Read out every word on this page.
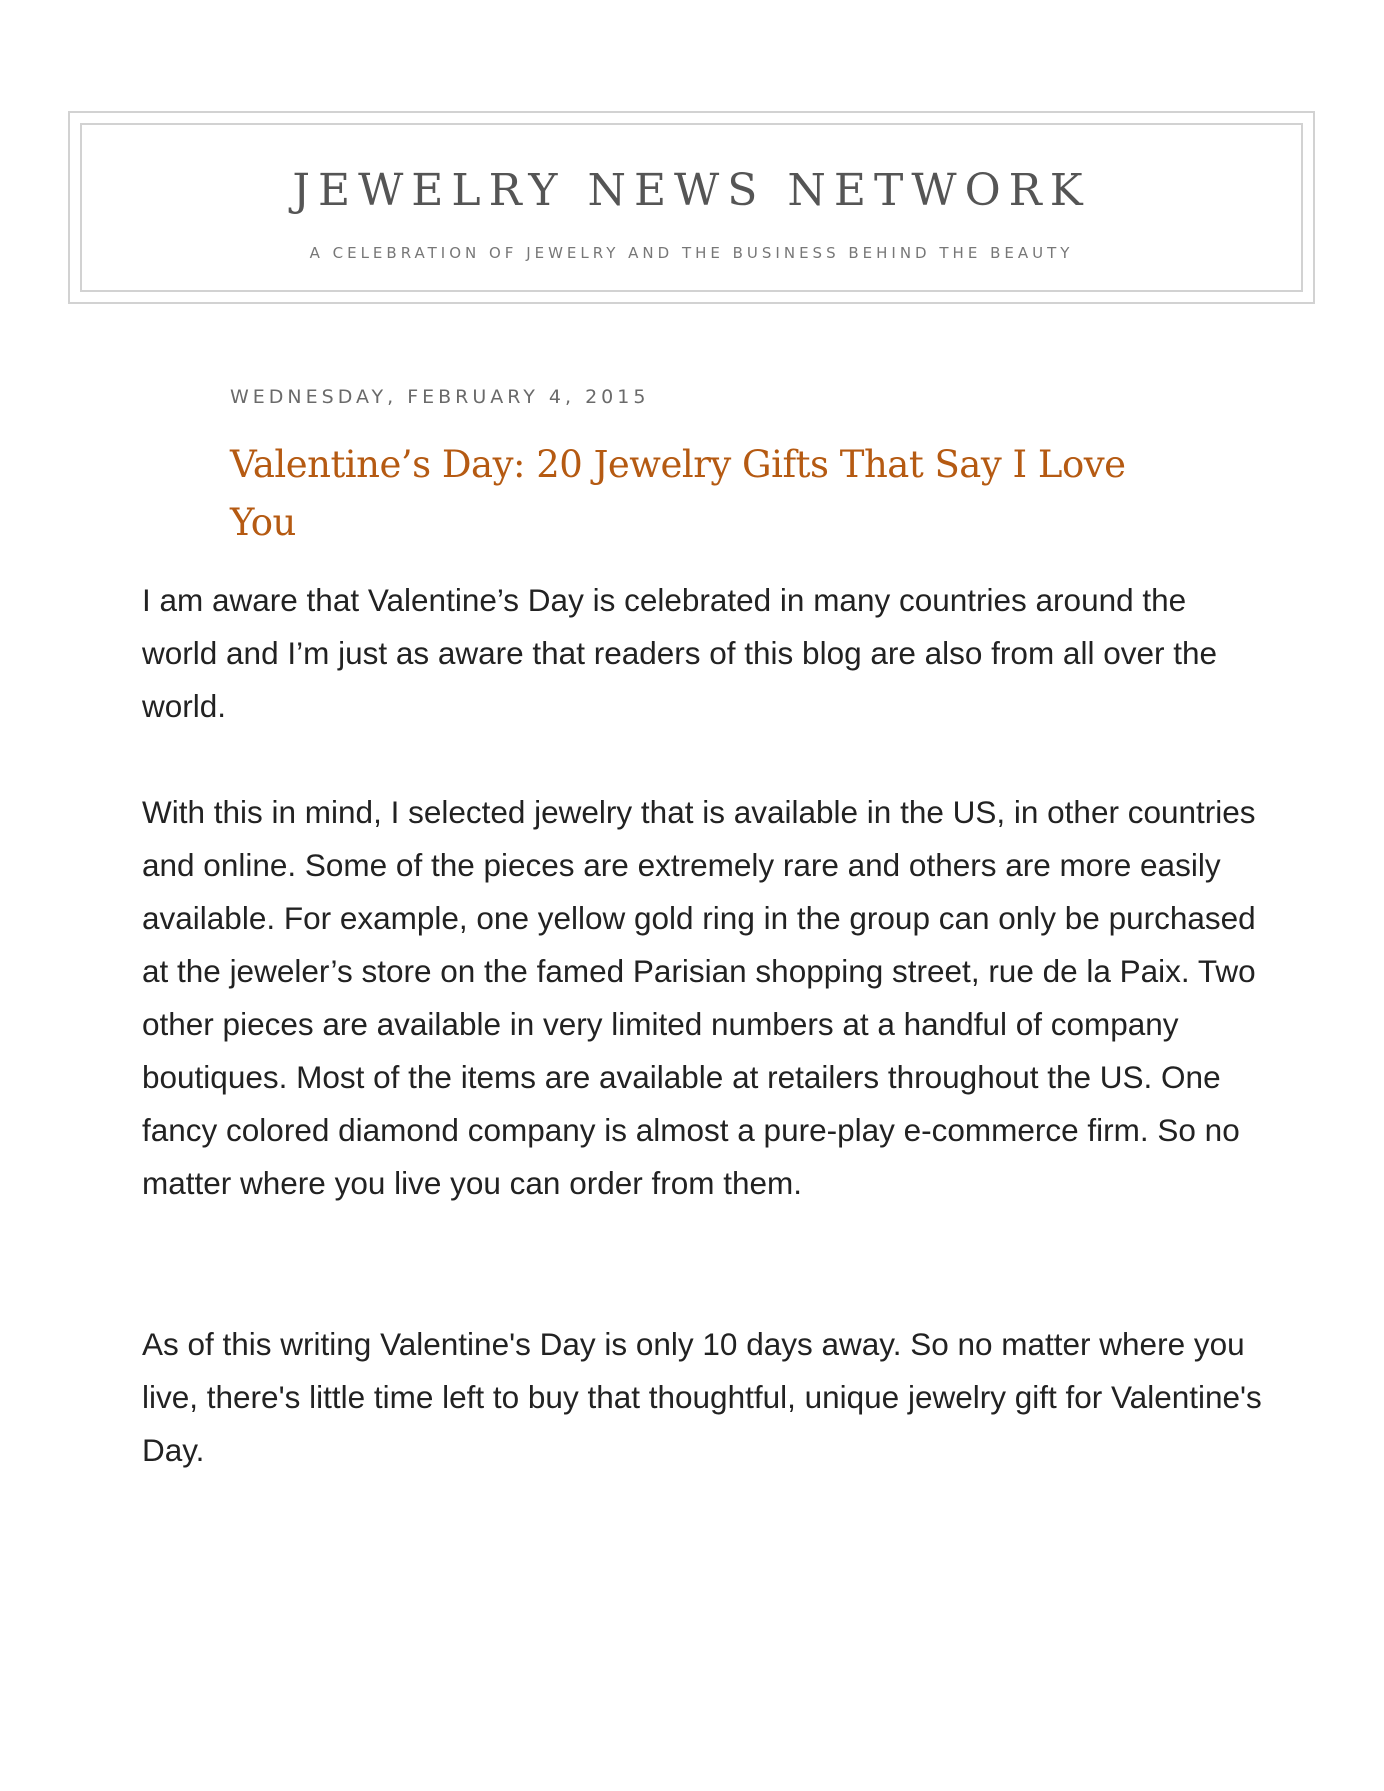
JEWELRY NEWS NETWORK
A CELEBRATION OF JEWELRY AND THE BUSINESS BEHIND THE BEAUTY
WEDNESDAY, FEBRUARY 4, 2015
Valentine’s Day: 20 Jewelry Gifts That Say I Love You

I am aware that Valentine’s Day is celebrated in many countries around the world and I’m just as aware that readers of this blog are also from all over the world.

With this in mind, I selected jewelry that is available in the US, in other countries and online. Some of the pieces are extremely rare and others are more easily available. For example, one yellow gold ring in the group can only be purchased at the jeweler’s store on the famed Parisian shopping street, rue de la Paix. Two other pieces are available in very limited numbers at a handful of company boutiques. Most of the items are available at retailers throughout the US. One fancy colored diamond company is almost a pure-play e-commerce firm. So no matter where you live you can order from them.

As of this writing Valentine's Day is only 10 days away. So no matter where you live, there's little time left to buy that thoughtful, unique jewelry gift for Valentine's Day.
